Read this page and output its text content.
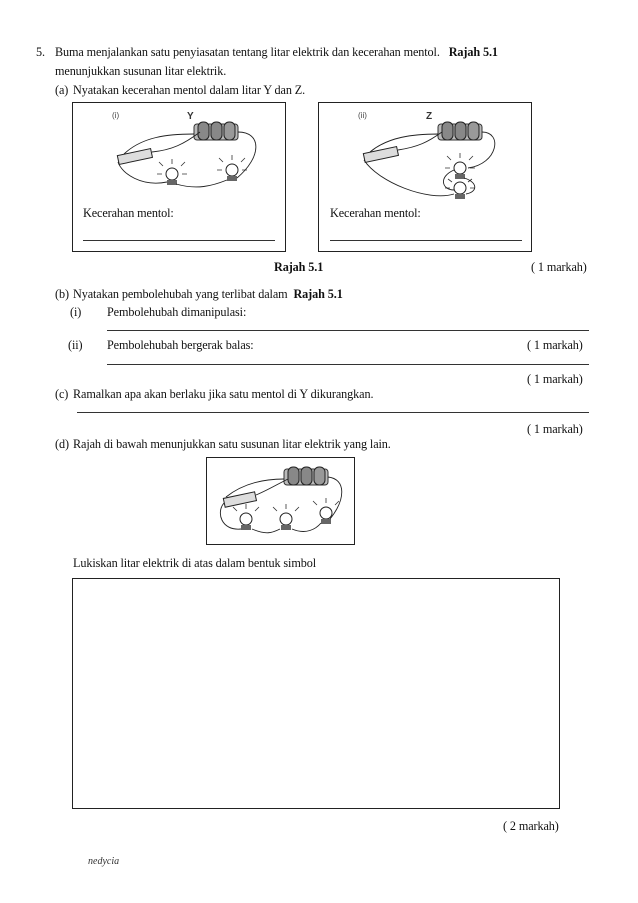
5. Buma menjalankan satu penyiasatan tentang litar elektrik dan kecerahan mentol. Rajah 5.1
menunjukkan susunan litar elektrik.
(a) Nyatakan kecerahan mentol dalam litar Y dan Z.
(i)	Y
Kecerahan mentol:
(ii)	Z
Kecerahan mentol:
Rajah 5.1	( 1 markah)
(b) Nyatakan pembolehubah yang terlibat dalam Rajah 5.1
(i) Pembolehubah dimanipulasi:
(ii) Pembolehubah bergerak balas:	( 1 markah)
( 1 markah)
(c) Ramalkan apa akan berlaku jika satu mentol di Y dikurangkan.
( 1 markah)
(d) Rajah di bawah menunjukkan satu susunan litar elektrik yang lain.
Lukiskan litar elektrik di atas dalam bentuk simbol
( 2 markah)
nedycia
